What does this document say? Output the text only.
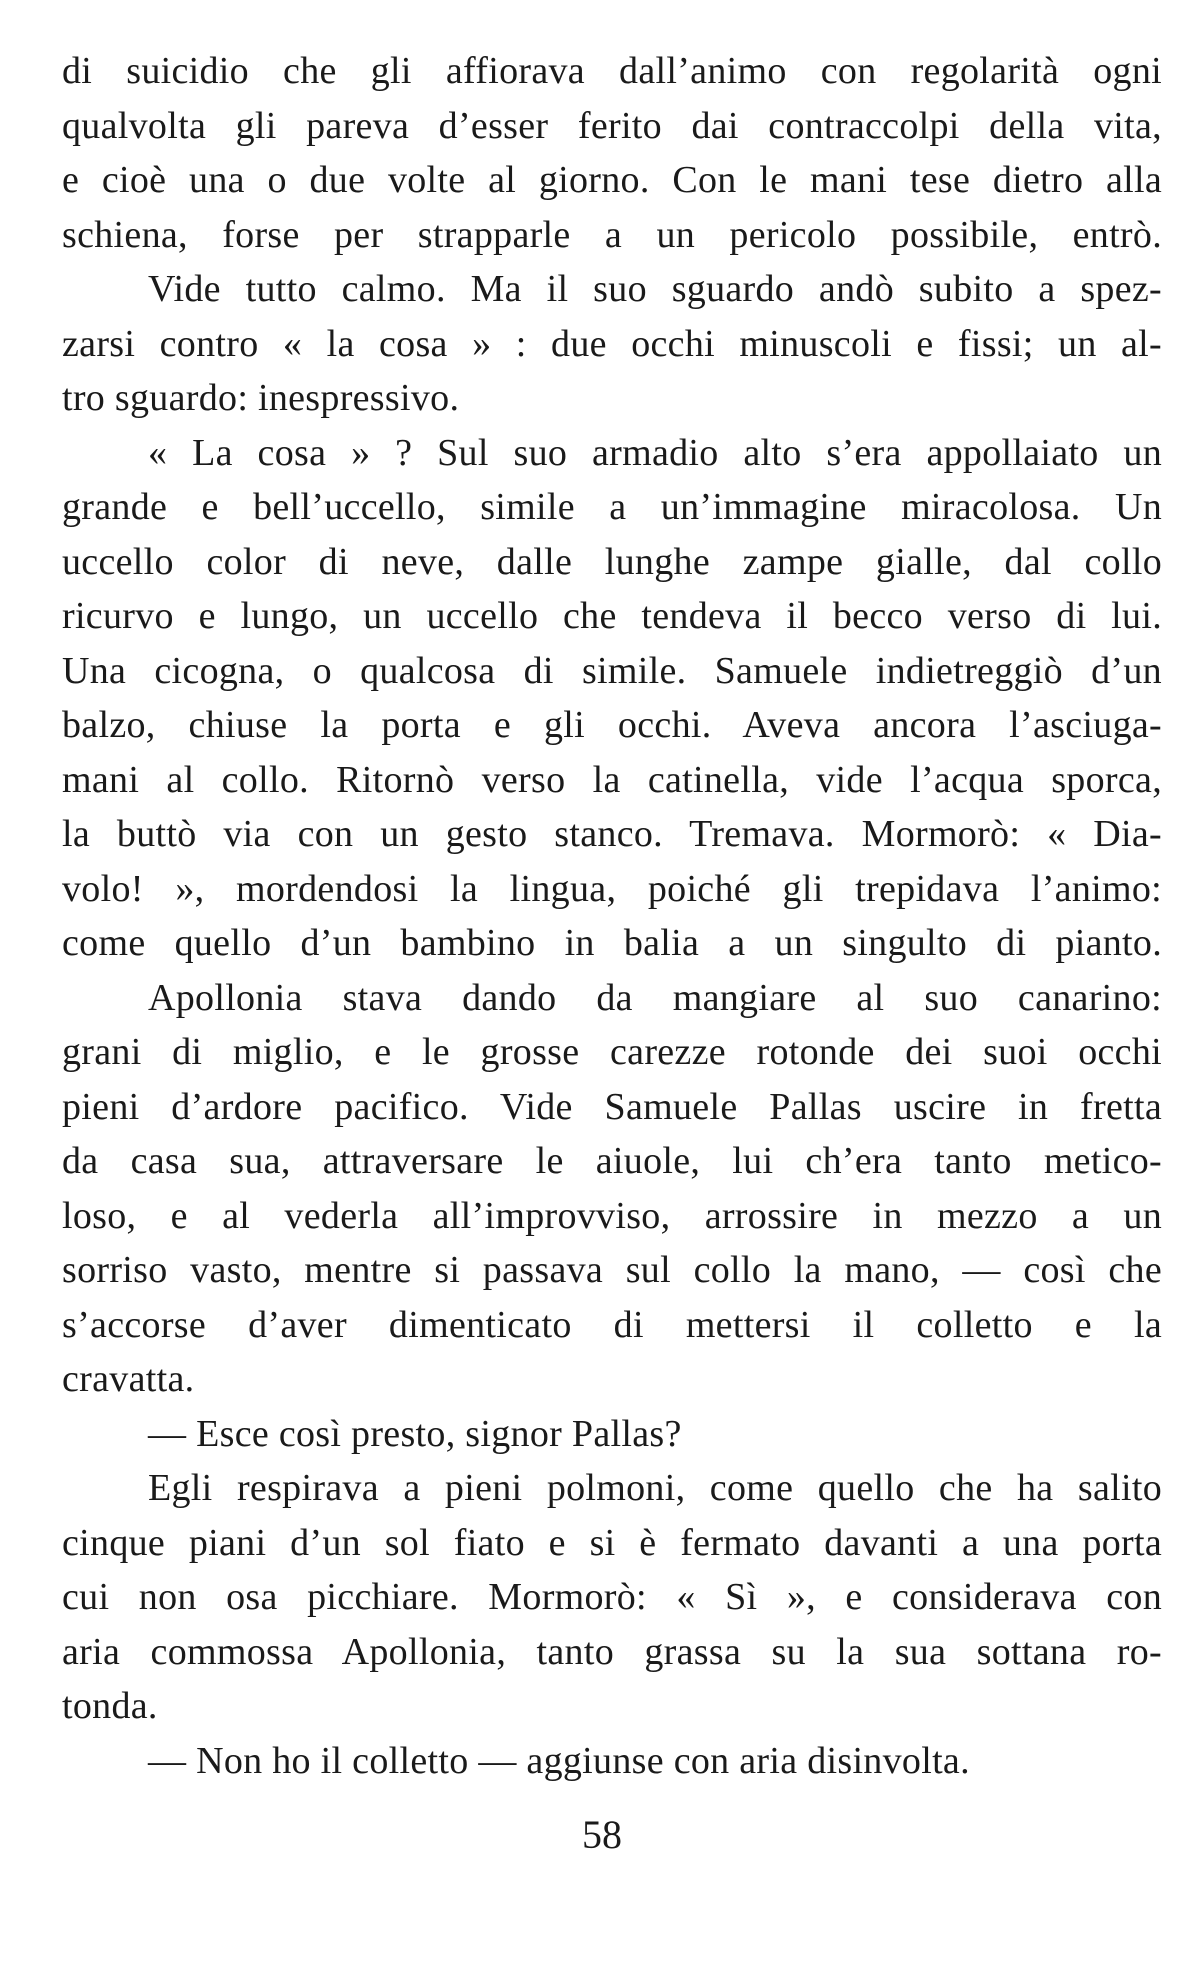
di suicidio che gli affiorava dall’animo con regolarità ogni
qualvolta gli pareva d’esser ferito dai contraccolpi della vita,
e cioè una o due volte al giorno. Con le mani tese dietro alla
schiena, forse per strapparle a un pericolo possibile, entrò.
Vide tutto calmo. Ma il suo sguardo andò subito a spez-
zarsi contro « la cosa » : due occhi minuscoli e fissi; un al-
tro sguardo: inespressivo.
« La cosa » ? Sul suo armadio alto s’era appollaiato un
grande e bell’uccello, simile a un’immagine miracolosa. Un
uccello color di neve, dalle lunghe zampe gialle, dal collo
ricurvo e lungo, un uccello che tendeva il becco verso di lui.
Una cicogna, o qualcosa di simile. Samuele indietreggiò d’un
balzo, chiuse la porta e gli occhi. Aveva ancora l’asciuga-
mani al collo. Ritornò verso la catinella, vide l’acqua sporca,
la buttò via con un gesto stanco. Tremava. Mormorò: « Dia-
volo! », mordendosi la lingua, poiché gli trepidava l’animo:
come quello d’un bambino in balia a un singulto di pianto.
Apollonia stava dando da mangiare al suo canarino:
grani di miglio, e le grosse carezze rotonde dei suoi occhi
pieni d’ardore pacifico. Vide Samuele Pallas uscire in fretta
da casa sua, attraversare le aiuole, lui ch’era tanto metico-
loso, e al vederla all’improvviso, arrossire in mezzo a un
sorriso vasto, mentre si passava sul collo la mano, — così che
s’accorse d’aver dimenticato di mettersi il colletto e la
cravatta.
— Esce così presto, signor Pallas?
Egli respirava a pieni polmoni, come quello che ha salito
cinque piani d’un sol fiato e si è fermato davanti a una porta
cui non osa picchiare. Mormorò: « Sì », e considerava con
aria commossa Apollonia, tanto grassa su la sua sottana ro-
tonda.
— Non ho il colletto — aggiunse con aria disinvolta.
58
